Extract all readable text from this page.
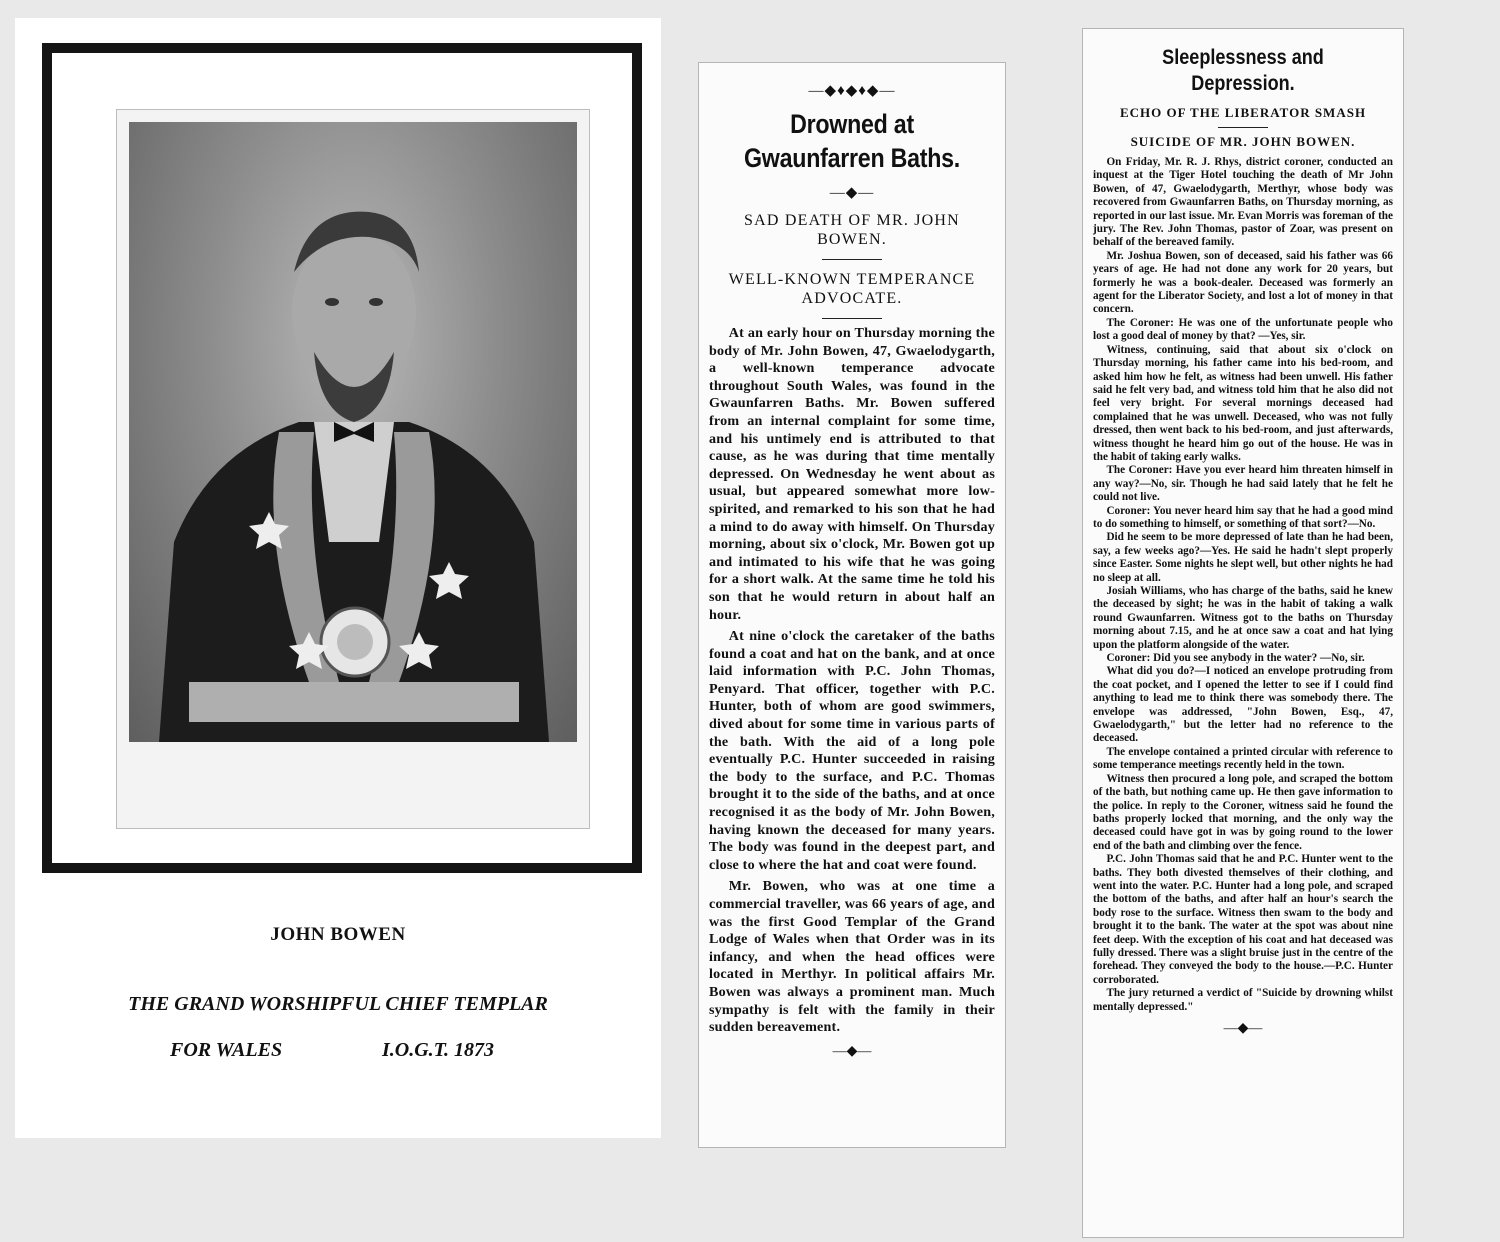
JOHN BOWEN
THE GRAND WORSHIPFUL CHIEF TEMPLAR
FOR WALES	I.O.G.T. 1873
—◆♦◆♦◆—
Drowned at Gwaunfarren Baths.
—◆—
SAD DEATH OF MR. JOHN BOWEN.
WELL-KNOWN TEMPERANCE ADVOCATE.

At an early hour on Thursday morning the body of Mr. John Bowen, 47, Gwaelodygarth, a well-known temperance advocate throughout South Wales, was found in the Gwaunfarren Baths. Mr. Bowen suffered from an internal complaint for some time, and his untimely end is attributed to that cause, as he was during that time mentally depressed. On Wednesday he went about as usual, but appeared somewhat more low-spirited, and remarked to his son that he had a mind to do away with himself. On Thursday morning, about six o'clock, Mr. Bowen got up and intimated to his wife that he was going for a short walk. At the same time he told his son that he would return in about half an hour.

At nine o'clock the caretaker of the baths found a coat and hat on the bank, and at once laid information with P.C. John Thomas, Penyard. That officer, together with P.C. Hunter, both of whom are good swimmers, dived about for some time in various parts of the bath. With the aid of a long pole eventually P.C. Hunter succeeded in raising the body to the surface, and P.C. Thomas brought it to the side of the baths, and at once recognised it as the body of Mr. John Bowen, having known the deceased for many years. The body was found in the deepest part, and close to where the hat and coat were found.

Mr. Bowen, who was at one time a commercial traveller, was 66 years of age, and was the first Good Templar of the Grand Lodge of Wales when that Order was in its infancy, and when the head offices were located in Merthyr. In political affairs Mr. Bowen was always a prominent man. Much sympathy is felt with the family in their sudden bereavement.

—◆—
Sleeplessness and Depression.
ECHO OF THE LIBERATOR SMASH
SUICIDE OF MR. JOHN BOWEN.

On Friday, Mr. R. J. Rhys, district coroner, conducted an inquest at the Tiger Hotel touching the death of Mr John Bowen, of 47, Gwaelodygarth, Merthyr, whose body was recovered from Gwaunfarren Baths, on Thursday morning, as reported in our last issue. Mr. Evan Morris was foreman of the jury. The Rev. John Thomas, pastor of Zoar, was present on behalf of the bereaved family.

Mr. Joshua Bowen, son of deceased, said his father was 66 years of age. He had not done any work for 20 years, but formerly he was a book-dealer. Deceased was formerly an agent for the Liberator Society, and lost a lot of money in that concern.

The Coroner: He was one of the unfortunate people who lost a good deal of money by that? —Yes, sir.

Witness, continuing, said that about six o'clock on Thursday morning, his father came into his bed-room, and asked him how he felt, as witness had been unwell. His father said he felt very bad, and witness told him that he also did not feel very bright. For several mornings deceased had complained that he was unwell. Deceased, who was not fully dressed, then went back to his bed-room, and just afterwards, witness thought he heard him go out of the house. He was in the habit of taking early walks.

The Coroner: Have you ever heard him threaten himself in any way?—No, sir. Though he had said lately that he felt he could not live.

Coroner: You never heard him say that he had a good mind to do something to himself, or something of that sort?—No.

Did he seem to be more depressed of late than he had been, say, a few weeks ago?—Yes. He said he hadn't slept properly since Easter. Some nights he slept well, but other nights he had no sleep at all.

Josiah Williams, who has charge of the baths, said he knew the deceased by sight; he was in the habit of taking a walk round Gwaunfarren. Witness got to the baths on Thursday morning about 7.15, and he at once saw a coat and hat lying upon the platform alongside of the water.

Coroner: Did you see anybody in the water? —No, sir.

What did you do?—I noticed an envelope protruding from the coat pocket, and I opened the letter to see if I could find anything to lead me to think there was somebody there. The envelope was addressed, "John Bowen, Esq., 47, Gwaelodygarth," but the letter had no reference to the deceased.

The envelope contained a printed circular with reference to some temperance meetings recently held in the town.

Witness then procured a long pole, and scraped the bottom of the bath, but nothing came up. He then gave information to the police. In reply to the Coroner, witness said he found the baths properly locked that morning, and the only way the deceased could have got in was by going round to the lower end of the bath and climbing over the fence.

P.C. John Thomas said that he and P.C. Hunter went to the baths. They both divested themselves of their clothing, and went into the water. P.C. Hunter had a long pole, and scraped the bottom of the baths, and after half an hour's search the body rose to the surface. Witness then swam to the body and brought it to the bank. The water at the spot was about nine feet deep. With the exception of his coat and hat deceased was fully dressed. There was a slight bruise just in the centre of the forehead. They conveyed the body to the house.—P.C. Hunter corroborated.

The jury returned a verdict of "Suicide by drowning whilst mentally depressed."

—◆—
